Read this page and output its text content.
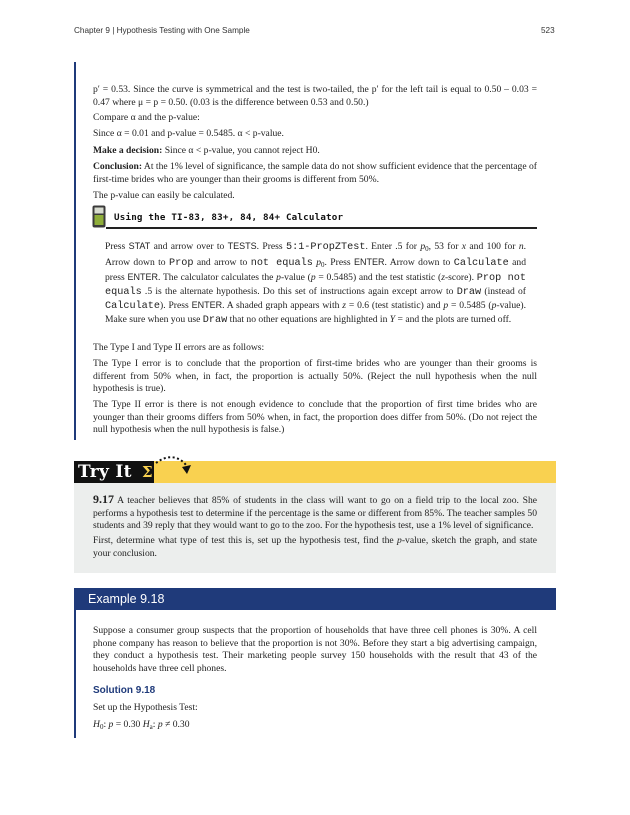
Chapter 9 | Hypothesis Testing with One Sample	523

p′ = 0.53. Since the curve is symmetrical and the test is two-tailed, the p′ for the left tail is equal to 0.50 – 0.03 = 0.47 where μ = p = 0.50. (0.03 is the difference between 0.53 and 0.50.)

Compare α and the p-value:

Since α = 0.01 and p-value = 0.5485. α < p-value.

Make a decision: Since α < p-value, you cannot reject H0.

Conclusion: At the 1% level of significance, the sample data do not show sufficient evidence that the percentage of first-time brides who are younger than their grooms is different from 50%.

The p-value can easily be calculated.

Using the TI-83, 83+, 84, 84+ Calculator

Press STAT and arrow over to TESTS. Press 5:1-PropZTest. Enter .5 for $p_0$, 53 for x and 100 for n. Arrow down to Prop and arrow to not equals $p_0$. Press ENTER. Arrow down to Calculate and press ENTER. The calculator calculates the p-value (p = 0.5485) and the test statistic (z-score). Prop not equals .5 is the alternate hypothesis. Do this set of instructions again except arrow to Draw (instead of Calculate). Press ENTER. A shaded graph appears with z = 0.6 (test statistic) and p = 0.5485 (p-value). Make sure when you use Draw that no other equations are highlighted in Y = and the plots are turned off.

The Type I and Type II errors are as follows:

The Type I error is to conclude that the proportion of first-time brides who are younger than their grooms is different from 50% when, in fact, the proportion is actually 50%. (Reject the null hypothesis when the null hypothesis is true).

The Type II error is there is not enough evidence to conclude that the proportion of first time brides who are younger than their grooms differs from 50% when, in fact, the proportion does differ from 50%. (Do not reject the null hypothesis when the null hypothesis is false.)

Try It Σ

9.17 A teacher believes that 85% of students in the class will want to go on a field trip to the local zoo. She performs a hypothesis test to determine if the percentage is the same or different from 85%. The teacher samples 50 students and 39 reply that they would want to go to the zoo. For the hypothesis test, use a 1% level of significance.

First, determine what type of test this is, set up the hypothesis test, find the p-value, sketch the graph, and state your conclusion.

Example 9.18

Suppose a consumer group suspects that the proportion of households that have three cell phones is 30%. A cell phone company has reason to believe that the proportion is not 30%. Before they start a big advertising campaign, they conduct a hypothesis test. Their marketing people survey 150 households with the result that 43 of the households have three cell phones.

Solution 9.18

Set up the Hypothesis Test:

$H_0$: p = 0.30 $H_a$: p ≠ 0.30
